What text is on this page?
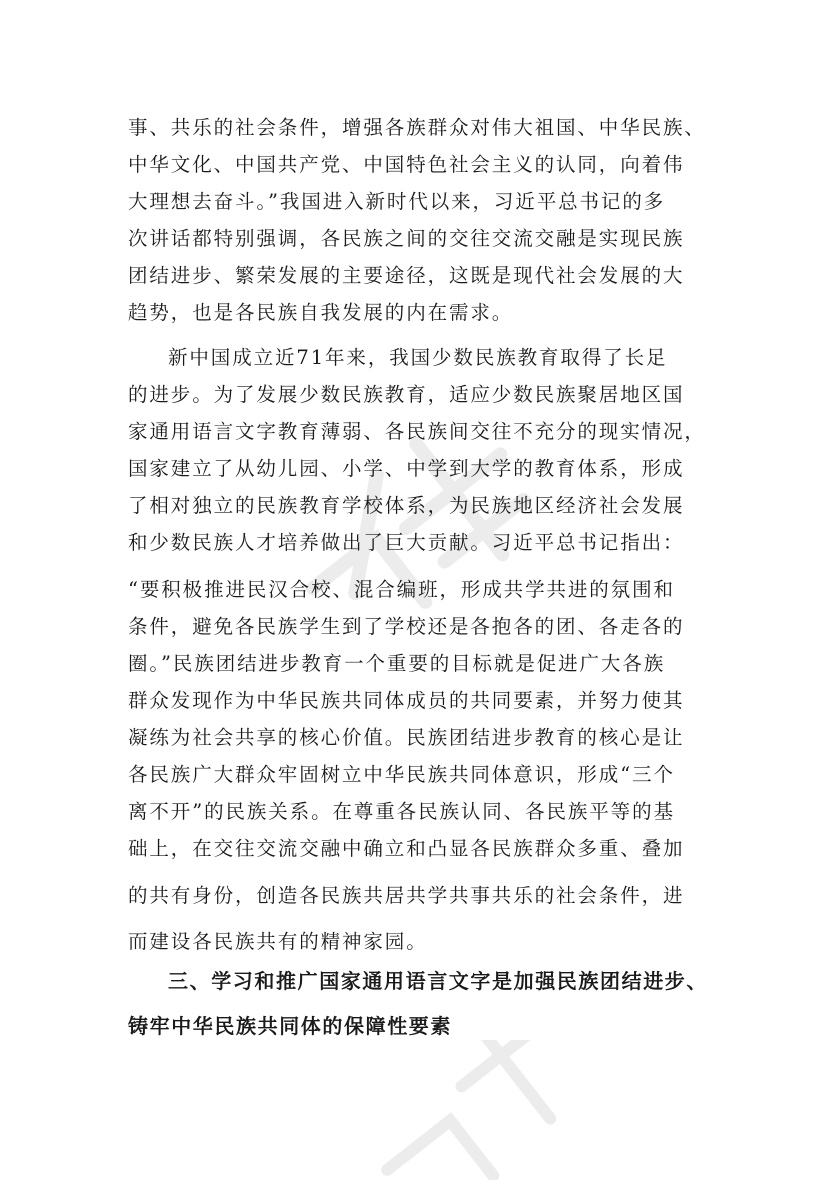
事、共乐的社会条件，增强各族群众对伟大祖国、中华民族、
中华文化、中国共产党、中国特色社会主义的认同，向着伟
大理想去奋斗。”我国进入新时代以来，习近平总书记的多
次讲话都特别强调，各民族之间的交往交流交融是实现民族
团结进步、繁荣发展的主要途径，这既是现代社会发展的大
趋势，也是各民族自我发展的内在需求。
新中国成立近71年来，我国少数民族教育取得了长足
的进步。为了发展少数民族教育，适应少数民族聚居地区国
家通用语言文字教育薄弱、各民族间交往不充分的现实情况，
国家建立了从幼儿园、小学、中学到大学的教育体系，形成
了相对独立的民族教育学校体系，为民族地区经济社会发展
和少数民族人才培养做出了巨大贡献。习近平总书记指出：
“要积极推进民汉合校、混合编班，形成共学共进的氛围和
条件，避免各民族学生到了学校还是各抱各的团、各走各的
圈。”民族团结进步教育一个重要的目标就是促进广大各族
群众发现作为中华民族共同体成员的共同要素，并努力使其
凝练为社会共享的核心价值。民族团结进步教育的核心是让
各民族广大群众牢固树立中华民族共同体意识，形成“三个
离不开”的民族关系。在尊重各民族认同、各民族平等的基
础上，在交往交流交融中确立和凸显各民族群众多重、叠加
的共有身份，创造各民族共居共学共事共乐的社会条件，进
而建设各民族共有的精神家园。
三、学习和推广国家通用语言文字是加强民族团结进步、
铸牢中华民族共同体的保障性要素
